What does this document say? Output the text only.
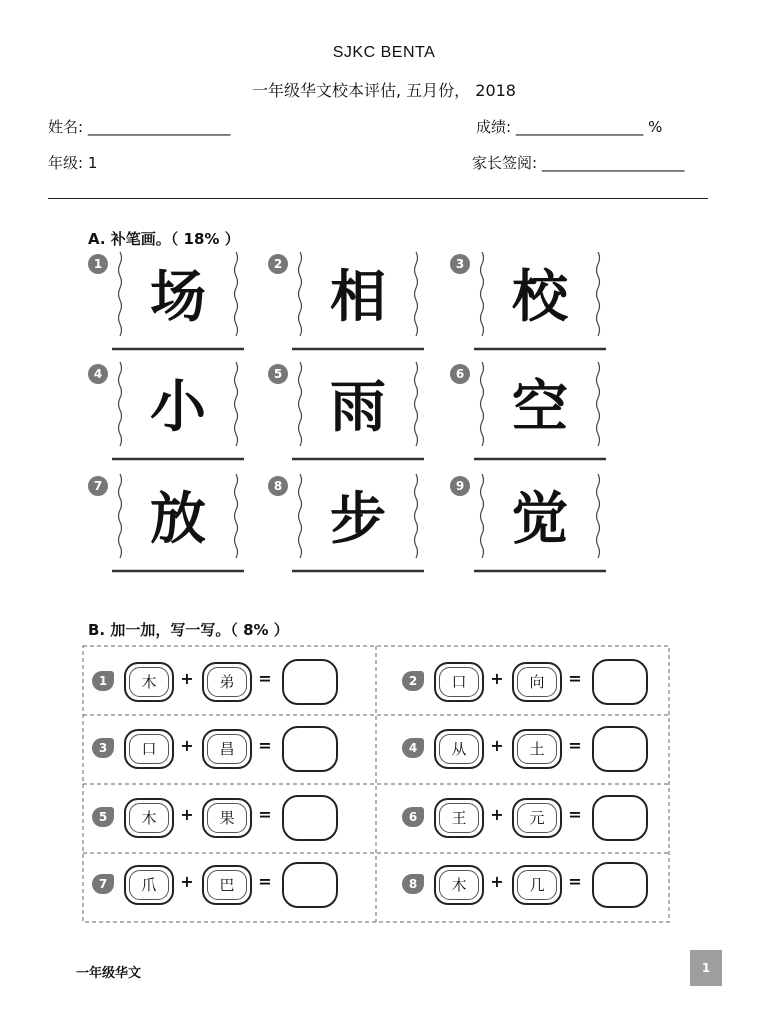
SJKC BENTA
一年级华文校本评估, 五月份， 2018
姓名: ___________________	成绩: _________________ %
年级: 1	家长签阅: ___________________
A. 补笔画。（ 18% ）
1 场	2 相	3 校
4 小	5 雨	6 空
7 放	8 步	9 觉
B. 加一加，写一写。（ 8% ）
1	木	+	弟	=	2	口	+	向	=
3	口	+	昌	=	4	从	+	土	=
5	木	+	果	=	6	王	+	元	=
7	爪	+	巴	=	8	木	+	几	=
一年级华文	1
